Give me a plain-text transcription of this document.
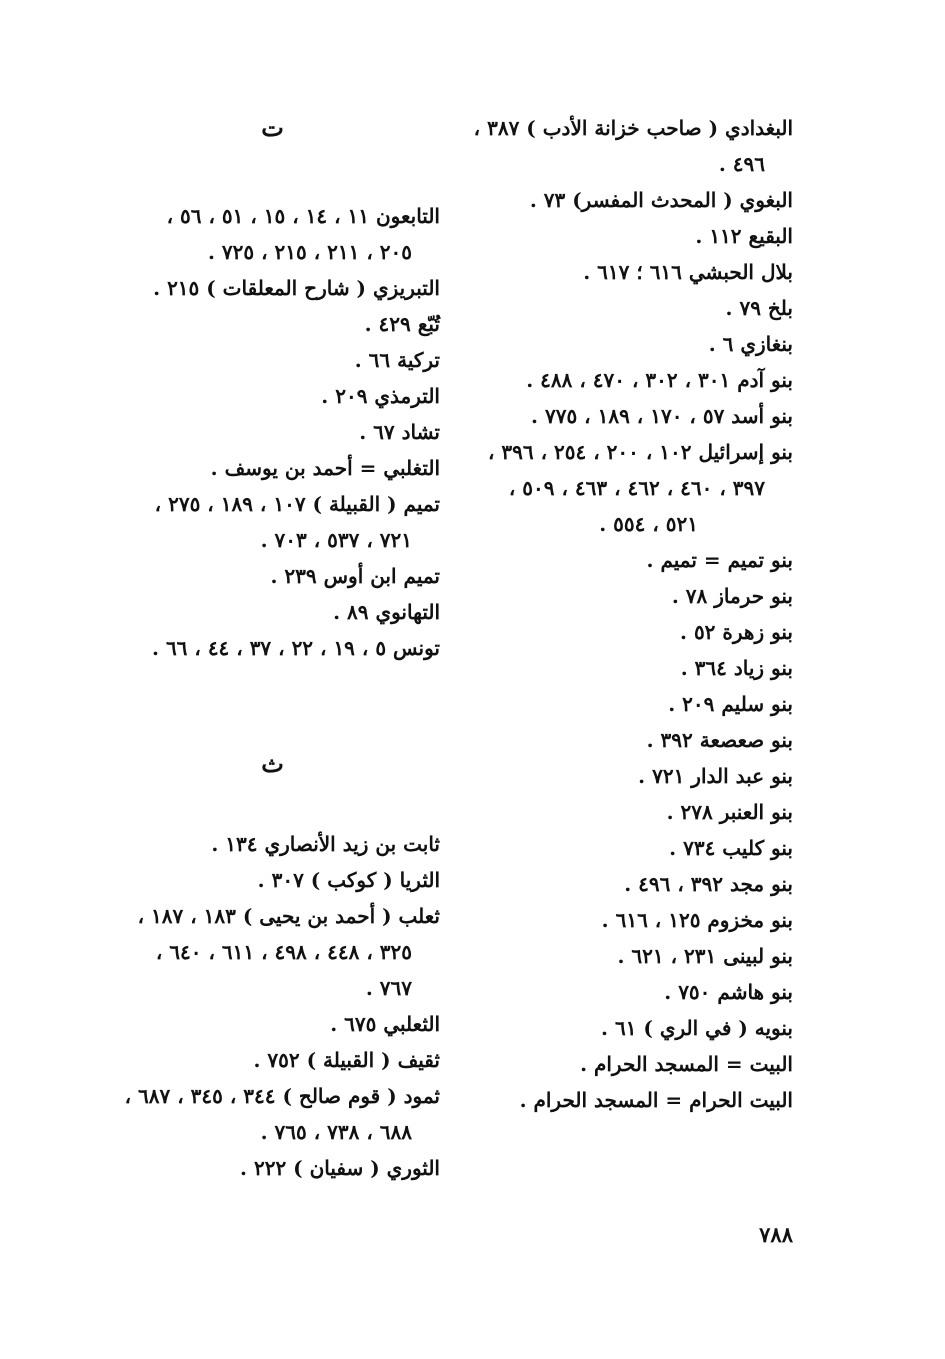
البغدادي ( صاحب خزانة الأدب ) ٣٨٧ ،
٤٩٦ .
البغوي ( المحدث المفسر) ٧٣ .
البقيع ١١٢ .
بلال الحبشي ٦١٦ ؛ ٦١٧ .
بلخ ٧٩ .
بنغازي ٦ .
بنو آدم ٣٠١ ، ٣٠٢ ، ٤٧٠ ، ٤٨٨ .
بنو أسد ٥٧ ، ١٧٠ ، ١٨٩ ، ٧٧٥ .
بنو إسرائيل ١٠٢ ، ٢٠٠ ، ٢٥٤ ، ٣٩٦ ،
٣٩٧ ، ٤٦٠ ، ٤٦٢ ، ٤٦٣ ، ٥٠٩ ،
٥٢١ ، ٥٥٤ .
بنو تميم = تميم .
بنو حرماز ٧٨ .
بنو زهرة ٥٢ .
بنو زياد ٣٦٤ .
بنو سليم ٢٠٩ .
بنو صعصعة ٣٩٢ .
بنو عبد الدار ٧٢١ .
بنو العنبر ٢٧٨ .
بنو كليب ٧٣٤ .
بنو مجد ٣٩٢ ، ٤٩٦ .
بنو مخزوم ١٢٥ ، ٦١٦ .
بنو لبينى ٢٣١ ، ٦٢١ .
بنو هاشم ٧٥٠ .
بنويه ( في الري ) ٦١ .
البيت = المسجد الحرام .
البيت الحرام = المسجد الحرام .
ت
التابعون ١١ ، ١٤ ، ١٥ ، ٥١ ، ٥٦ ،
٢٠٥ ، ٢١١ ، ٢١٥ ، ٧٢٥ .
التبريزي ( شارح المعلقات ) ٢١٥ .
تُبّع ٤٢٩ .
تركية ٦٦ .
الترمذي ٢٠٩ .
تشاد ٦٧ .
التغلبي = أحمد بن يوسف .
تميم ( القبيلة ) ١٠٧ ، ١٨٩ ، ٢٧٥ ،
٧٢١ ، ٥٣٧ ، ٧٠٣ .
تميم ابن أوس ٢٣٩ .
التهانوي ٨٩ .
تونس ٥ ، ١٩ ، ٢٢ ، ٣٧ ، ٤٤ ، ٦٦ .
ث
ثابت بن زيد الأنصاري ١٣٤ .
الثريا ( كوكب ) ٣٠٧ .
ثعلب ( أحمد بن يحيى ) ١٨٣ ، ١٨٧ ،
٣٢٥ ، ٤٤٨ ، ٤٩٨ ، ٦١١ ، ٦٤٠ ،
٧٦٧ .
الثعلبي ٦٧٥ .
ثقيف ( القبيلة ) ٧٥٢ .
ثمود ( قوم صالح ) ٣٤٤ ، ٣٤٥ ، ٦٨٧ ،
٦٨٨ ، ٧٣٨ ، ٧٦٥ .
الثوري ( سفيان ) ٢٢٢ .
٧٨٨
